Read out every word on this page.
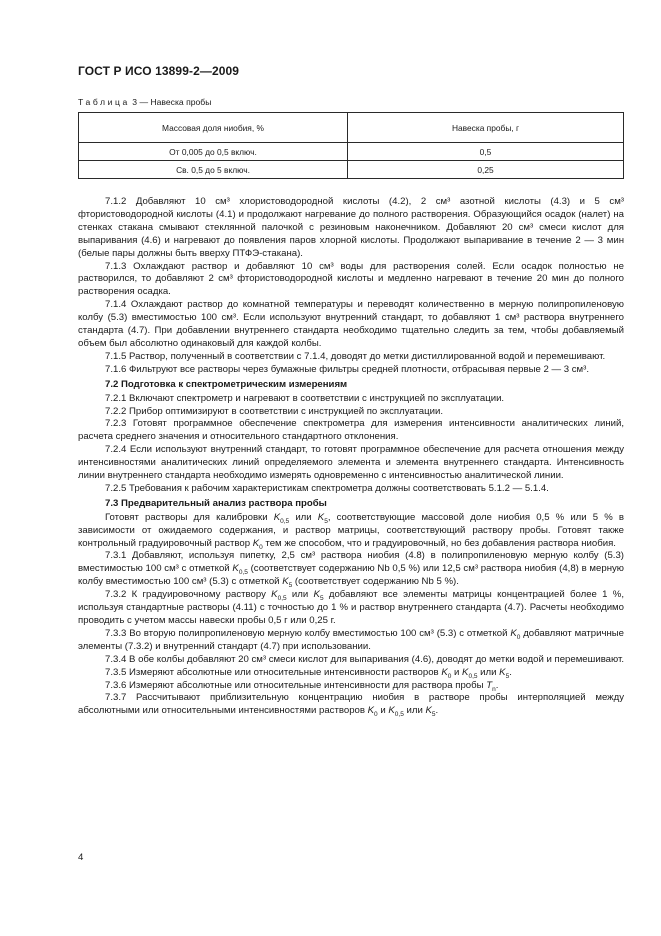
ГОСТ Р ИСО 13899-2—2009
Таблица 3 — Навеска пробы
Массовая доля ниобия, %	Навеска пробы, г
От 0,005 до 0,5 включ.	0,5
Св. 0,5 до 5 включ.	0,25

7.1.2 Добавляют 10 см³ хлористоводородной кислоты (4.2), 2 см³ азотной кислоты (4.3) и 5 см³ фтористоводородной кислоты (4.1) и продолжают нагревание до полного растворения. Образующийся осадок (налет) на стенках стакана смывают стеклянной палочкой с резиновым наконечником. Добавляют 20 см³ смеси кислот для выпаривания (4.6) и нагревают до появления паров хлорной кислоты. Продолжают выпаривание в течение 2 — 3 мин (белые пары должны быть вверху ПТФЭ-стакана).

7.1.3 Охлаждают раствор и добавляют 10 см³ воды для растворения солей. Если осадок полностью не растворился, то добавляют 2 см³ фтористоводородной кислоты и медленно нагревают в течение 20 мин до полного растворения осадка.

7.1.4 Охлаждают раствор до комнатной температуры и переводят количественно в мерную полипропиленовую колбу (5.3) вместимостью 100 см³. Если используют внутренний стандарт, то добавляют 1 см³ раствора внутреннего стандарта (4.7). При добавлении внутреннего стандарта необходимо тщательно следить за тем, чтобы добавляемый объем был абсолютно одинаковый для каждой колбы.

7.1.5 Раствор, полученный в соответствии с 7.1.4, доводят до метки дистиллированной водой и перемешивают.

7.1.6 Фильтруют все растворы через бумажные фильтры средней плотности, отбрасывая первые 2 — 3 см³.

7.2 Подготовка к спектрометрическим измерениям

7.2.1 Включают спектрометр и нагревают в соответствии с инструкцией по эксплуатации.

7.2.2 Прибор оптимизируют в соответствии с инструкцией по эксплуатации.

7.2.3 Готовят программное обеспечение спектрометра для измерения интенсивности аналитических линий, расчета среднего значения и относительного стандартного отклонения.

7.2.4 Если используют внутренний стандарт, то готовят программное обеспечение для расчета отношения между интенсивностями аналитических линий определяемого элемента и элемента внутреннего стандарта. Интенсивность линии внутреннего стандарта необходимо измерять одновременно с интенсивностью аналитической линии.

7.2.5 Требования к рабочим характеристикам спектрометра должны соответствовать 5.1.2 — 5.1.4.

7.3 Предварительный анализ раствора пробы

Готовят растворы для калибровки $K_{0,5}$ или $K_5$, соответствующие массовой доле ниобия 0,5 % или 5 % в зависимости от ожидаемого содержания, и раствор матрицы, соответствующий раствору пробы. Готовят также контрольный градуировочный раствор $K_0$ тем же способом, что и градуировочный, но без добавления раствора ниобия.

7.3.1 Добавляют, используя пипетку, 2,5 см³ раствора ниобия (4.8) в полипропиленовую мерную колбу (5.3) вместимостью 100 см³ с отметкой $K_{0,5}$ (соответствует содержанию Nb 0,5 %) или 12,5 см³ раствора ниобия (4,8) в мерную колбу вместимостью 100 см³ (5.3) с отметкой $K_5$ (соответствует содержанию Nb 5 %).

7.3.2 К градуировочному раствору $K_{0,5}$ или $K_5$ добавляют все элементы матрицы концентрацией более 1 %, используя стандартные растворы (4.11) с точностью до 1 % и раствор внутреннего стандарта (4.7). Расчеты необходимо проводить с учетом массы навески пробы 0,5 г или 0,25 г.

7.3.3 Во вторую полипропиленовую мерную колбу вместимостью 100 см³ (5.3) с отметкой $K_0$ добавляют матричные элементы (7.3.2) и внутренний стандарт (4.7) при использовании.

7.3.4 В обе колбы добавляют 20 см³ смеси кислот для выпаривания (4.6), доводят до метки водой и перемешивают.

7.3.5 Измеряют абсолютные или относительные интенсивности растворов $K_0$ и $K_{0,5}$ или $K_5$.

7.3.6 Измеряют абсолютные или относительные интенсивности для раствора пробы $T_n$.

7.3.7 Рассчитывают приблизительную концентрацию ниобия в растворе пробы интерполяцией между абсолютными или относительными интенсивностями растворов $K_0$ и $K_{0,5}$ или $K_5$.

4
